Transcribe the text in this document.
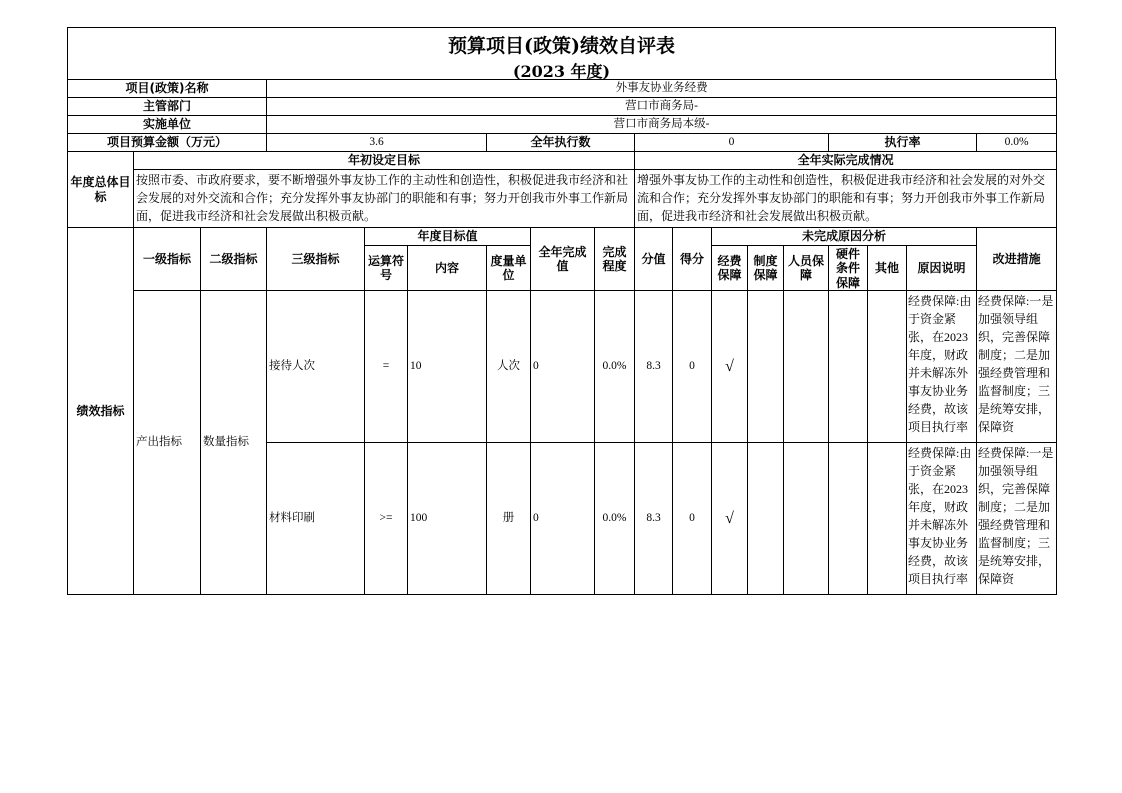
预算项目(政策)绩效自评表
(2023 年度)
项目(政策)名称			外事友协业务经费														
主管部门			营口市商务局-														
实施单位			营口市商务局本级-														
项目预算金额（万元）			3.6			全年执行数			0					执行率			0.0%
年度总体目标	年初设定目标								全年实际完成情况								
	按照市委、市政府要求，要不断增强外事友协工作的主动性和创造性，积极促进我市经济和社会发展的对外交流和合作；充分发挥外事友协部门的职能和有事；努力开创我市外事工作新局面，促进我市经济和社会发展做出积极贡献。								增强外事友协工作的主动性和创造性，积极促进我市经济和社会发展的对外交流和合作；充分发挥外事友协部门的职能和有事；努力开创我市外事工作新局面，促进我市经济和社会发展做出积极贡献。								
绩效指标	一级指标	二级指标	三级指标	年度目标值			全年完成值	完成程度	分值	得分	未完成原因分析						改进措施
				运算符号	内容	度量单位					经费保障	制度保障	人员保障	硬件条件保障	其他	原因说明	

	产出指标	数量指标	接待人次	=	10	人次	0	0.0%	8.3	0	√					经费保障:由于资金紧张，在2023年度，财政并未解冻外事友协业务经费，故该项目执行率	经费保障:一是加强领导组织，完善保障制度；二是加强经费管理和监督制度；三是统筹安排，保障资

			材料印刷	>=	100	册	0	0.0%	8.3	0	√					经费保障:由于资金紧张，在2023年度，财政并未解冻外事友协业务经费，故该项目执行率	经费保障:一是加强领导组织，完善保障制度；二是加强经费管理和监督制度；三是统筹安排，保障资
